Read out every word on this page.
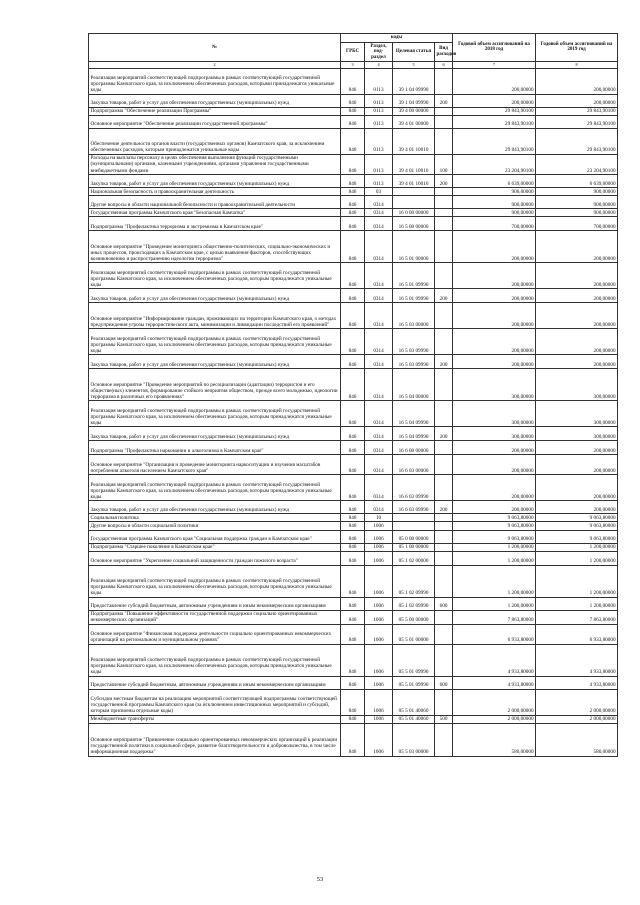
№	коды				Годовой объем ассигнований на 2018 год	Годовой объем ассигнований на 2019 год
	ГРБС	Раздел, под-раздел	Целевая статья	Вид расходов		
2	3	4	5	6	7	8
Реализация мероприятий соответствующей подпрограммы в рамках соответствующей государственной программы Камчатского края, за исключением обеспеченных расходов, которыми принадлежатся уникальные коды	846	0113	39 1 04 09990		200,00000	200,00000
Закупка товаров, работ и услуг для обеспечения государственных (муниципальных) нужд	846	0113	39 1 04 09990	200	200,00000	200,00000
Подпрограмма "Обеспечение реализации Программы"	846	0113	39 4 00 00000		29 843,90100	29 843,90100
Основное мероприятие "Обеспечение реализации государственной программы"	846	0113	39 4 01 00000		29 843,90100	29 843,90100
Обеспечение деятельности органов власти (государственных органов) Камчатского края, за исключением обеспеченных расходов, которым принадлежатся уникальные коды	846	0113	39 4 01 10010		29 843,90100	29 843,90100
Расходы на выплаты персоналу в целях обеспечения выполнения функций государственными (муниципальными) органами, казенными учреждениями, органами управления государственными внебюджетными фондами	846	0113	39 4 01 10010	100	23 204,90100	23 204,90100
Закупка товаров, работ и услуг для обеспечения государственных (муниципальных) нужд	846	0113	39 4 01 10010	200	6 639,00000	6 639,00000
Национальная безопасность и правоохранительная деятельность	846	03			900,00000	900,00000
Другие вопросы в области национальной безопасности и правоохранительной деятельности	846	0314			900,00000	900,00000
Государственная программа Камчатского края "Безопасная Камчатка"	846	0314	16 0 00 00000		900,00000	900,00000
Подпрограмма "Профилактика терроризма и экстремизма в Камчатском крае"	846	0314	16 5 00 00000		700,00000	700,00000
Основное мероприятие "Проведение мониторинга общественно-политических, социально-экономических и иных процессов, происходящих в Камчатском крае, с целью выявления факторов, способствующих возникновению и распространению идеологии терроризма"	846	0314	16 5 01 00000		200,00000	200,00000
Реализация мероприятий соответствующей подпрограммы в рамках соответствующей государственной программы Камчатского края, за исключением обеспеченных расходов, которым принадлежатся уникальные коды	846	0314	16 5 01 09990		200,00000	200,00000
Закупка товаров, работ и услуг для обеспечения государственных (муниципальных) нужд	846	0314	16 5 01 09990	200	200,00000	200,00000
Основное мероприятие "Информирование граждан, проживающих на территории Камчатского края, о методах предупреждения угрозы террористического акта, минимизации и ликвидации последствий его проявлений"	846	0314	16 5 03 00000		200,00000	200,00000
Реализация мероприятий соответствующей подпрограммы в рамках соответствующей государственной программы Камчатского края, за исключением обеспеченных расходов, которым принадлежатся уникальные коды	846	0314	16 5 03 09990		200,00000	200,00000
Закупка товаров, работ и услуг для обеспечения государственных (муниципальных) нужд	846	0314	16 5 03 09990	200	200,00000	200,00000
Основное мероприятие "Проведение мероприятий по ресоциализации (адаптации) террористов и его обществе(ных) элементов, формирование стойкого неприятия обществом, прежде всего молодежью, идеологии терроризма в различных его проявлениях"	846	0314	16 5 04 00000		300,00000	300,00000
Реализация мероприятий соответствующей подпрограммы в рамках соответствующей государственной программы Камчатского края, за исключением обеспеченных расходов, которым принадлежатся уникальные коды	846	0314	16 5 04 09990		300,00000	300,00000
Закупка товаров, работ и услуг для обеспечения государственных (муниципальных) нужд	846	0314	16 5 04 09990	200	300,00000	300,00000
Подпрограмма "Профилактика наркомании и алкоголизма в Камчатском крае"	846	0314	16 6 00 00000		200,00000	200,00000
Основное мероприятие "Организация и проведение мониторинга наркоситуации и изучения масштабов потребления алкоголя населением Камчатского края"	846	0314	16 6 03 00000		200,00000	200,00000
Реализация мероприятий соответствующей подпрограммы в рамках соответствующей государственной программы Камчатского края, за исключением обеспеченных расходов, которым принадлежатся уникальные коды	846	0314	16 6 03 09990		200,00000	200,00000
Закупка товаров, работ и услуг для обеспечения государственных (муниципальных) нужд	846	0314	16 6 03 09990	200	200,00000	200,00000
Социальная политика	846	10			9 063,80000	9 063,80000
Другие вопросы в области социальной политики	846	1006			9 063,80000	9 063,80000
Государственная программа Камчатского края "Социальная поддержка граждан в Камчатском крае"	846	1006	05 0 00 00000		9 063,80000	9 063,80000
Подпрограмма "Старшее поколение в Камчатском крае"	846	1006	05 1 00 00000		1 200,00000	1 200,00000
Основное мероприятие "Укрепление социальной защищенности граждан пожилого возраста"	846	1006	05 1 02 00000		1 200,00000	1 200,00000
Реализация мероприятий соответствующей подпрограммы в рамках соответствующей государственной программы Камчатского края, за исключением обеспеченных расходов, которым принадлежатся уникальные коды	846	1006	05 1 02 09990		1 200,00000	1 200,00000
Предоставление субсидий бюджетным, автономным учреждениям и иным некоммерческим организациям	846	1006	05 1 02 09990	600	1 200,00000	1 200,00000
Подпрограмма "Повышение эффективности государственной поддержки социально ориентированных некоммерческих организаций"	846	1006	05 5 00 00000		7 863,80000	7 863,80000
Основное мероприятие "Финансовая поддержка деятельности социально ориентированных некоммерческих организаций на региональном и муниципальном уровнях"	846	1006	05 5 01 00000		6 933,80000	6 933,80000
Реализация мероприятий соответствующей подпрограммы в рамках соответствующей государственной программы Камчатского края, за исключением обеспеченных расходов, которым принадлежатся уникальные коды	846	1006	05 5 01 09990		4 933,80000	4 933,80000
Предоставление субсидий бюджетным, автономным учреждениям и иным некоммерческим организациям	846	1006	05 5 01 09990	600	4 933,80000	4 933,80000
Субсидии местным бюджетам на реализацию мероприятий соответствующей подпрограммы соответствующей государственной программы Камчатского края (за исключением инвестиционных мероприятий и субсидий, которым присвоены отдельные коды)	846	1006	05 5 01 40060		2 000,00000	2 000,00000
Межбюджетные трансферты	846	1006	05 5 01 40060	500	2 000,00000	2 000,00000
Основное мероприятие "Привлечение социально ориентированных некоммерческих организаций к реализации государственной политики в социальной сфере, развитие благотворительности и добровольчества, в том числе информационная поддержка"	846	1006	05 5 03 00000		580,00000	580,00000
53
